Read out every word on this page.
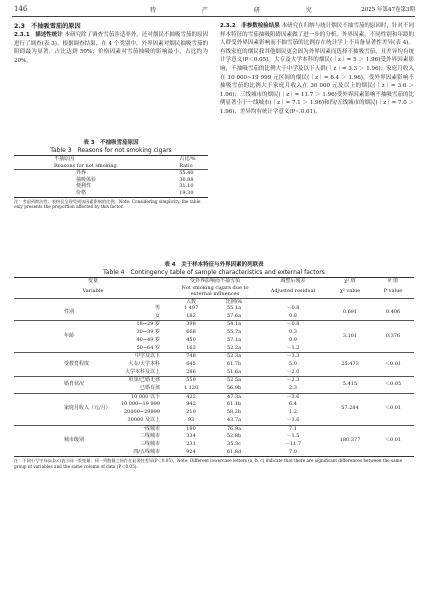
146	特 产 研 究	2025 年第47卷第3期
2.3　不抽吸雪茄的原因

2.3.1　描述性统计 本研究除了调查雪茄涉适率外，还对烟民不抽吸雪茄的原因进行了调查(表 3)。根据调查结果，在 4 个类别中，外界因素对烟民抽吸雪茄的阻碍最为显著，占比达到 50%；价格因素对雪茄抽吸的影响最小，占比约为 20%。

2.3.2　非参数检验结果 本研究在归纳与统计烟民不抽雪茄的原因时，针对不同样本特征的雪茄抽吸阻碍因素做了进一步的分析。外界因素、不同性别和年龄的人群受外界因素影响而不抽雪茄的比例存在统计学上不具备显著性差异(表 4)。有线家庭的烟民我其他烟民更会因为外界因素而选择不抽吸雪茄，且差异均有统计学意义(P＜0.05)。大专及大学本科的烟民(｜z｜= 5 ＞ 1.96)受外界因素影响，不抽吸雪茄的比例大于中学及以下人群(｜z｜= 3.3 ＞ 1.96)；家庭月收入在 10 000~19 999 元区间的烟民(｜z｜= 6.4 ＞ 1.96)，受外界因素影响不抽吸雪茄的比例大于家庭月收入在 30 000 元及以上的烟民(｜z｜= 3.6 ＞ 1.96)；三线城市的烟民(｜z｜= 11.7 ＞ 1.96)受外界因素影响不抽吸雪茄的比例显著小于一线城市(｜z｜= 7.1 ＞ 1.96)和四/五线城市的烟民(｜z｜= 7.0 ＞ 1.96)，差异均有统计学意义(P＜0.01)。

表 3　不抽吸雪茄原因
Table 3　Reasons for not smoking cigars
不抽原因	占比/%
Reasons for not smoking	Ratio
外界	55.40
抽吸体验	36.88
便利性	31.10
价格	19.30

注：考虑到简洁性，表格仅呈现受到该因素影响的比例。Note: Considering simplicity, the table only presents the proportion affected by this factor.

表 4　关于样本特征与外界因素的列联表
Table 4　Contingency table of sample characteristics and external factors
变量		受外界影响而不抽雪茄		调整后残差	χ² 值	P 值
Variable		Not smoking cigars due to external influences		Adjusted residual	χ² value	P value
		人数	比例/%			
性别	男	1 497	55.1a	－0.8	0.691	0.406
	女	182	57.6a	0.8		
年龄	18~29 岁	398	54.1a	－0.8	3.101	0.376
	30~39 岁	668	55.7a	0.3		
	40~49 岁	450	57.1a	0.9		
	50~64 岁	163	52.2a	－1.2		
受教育程度	中学及以下	748	52.3a	－3.3	25.473	＜0.01
	大专/大学本科	645	61.7b	5.0		
	大学本科及以上	286	51.6a	－2.0		
婚育状况	单身/已婚无孩	559	52.5a	－2.3	5.415	＜0.05
	已婚有孩	1 120	56.9b	2.3		
家庭月收入（元/月）	10 000 以下	422	47.3a	－3.6	57.284	＜0.01
	10 000~19 999	942	61.1b	6.4		
	20000~29999	219	58.2b	1.2		
	30000 及以上	93	43.7a	－3.6		
城市级别	一线城市	190	76.9a	7.1	180.377	＜0.01
	二线城市	334	52.8b	－1.5		
	三线城市	231	35.3c	－11.7		
	四/五线城市	924	61.8d	7.0		

注：不同小写字母(a,b,c)表示同一类变量、同一列数据之间存在显著性差异(P＜0.05)。Note: Different lowercase letters (a, b, c) indicate that there are significant differences between the same group of variables and the same column of data (P＜0.05).
